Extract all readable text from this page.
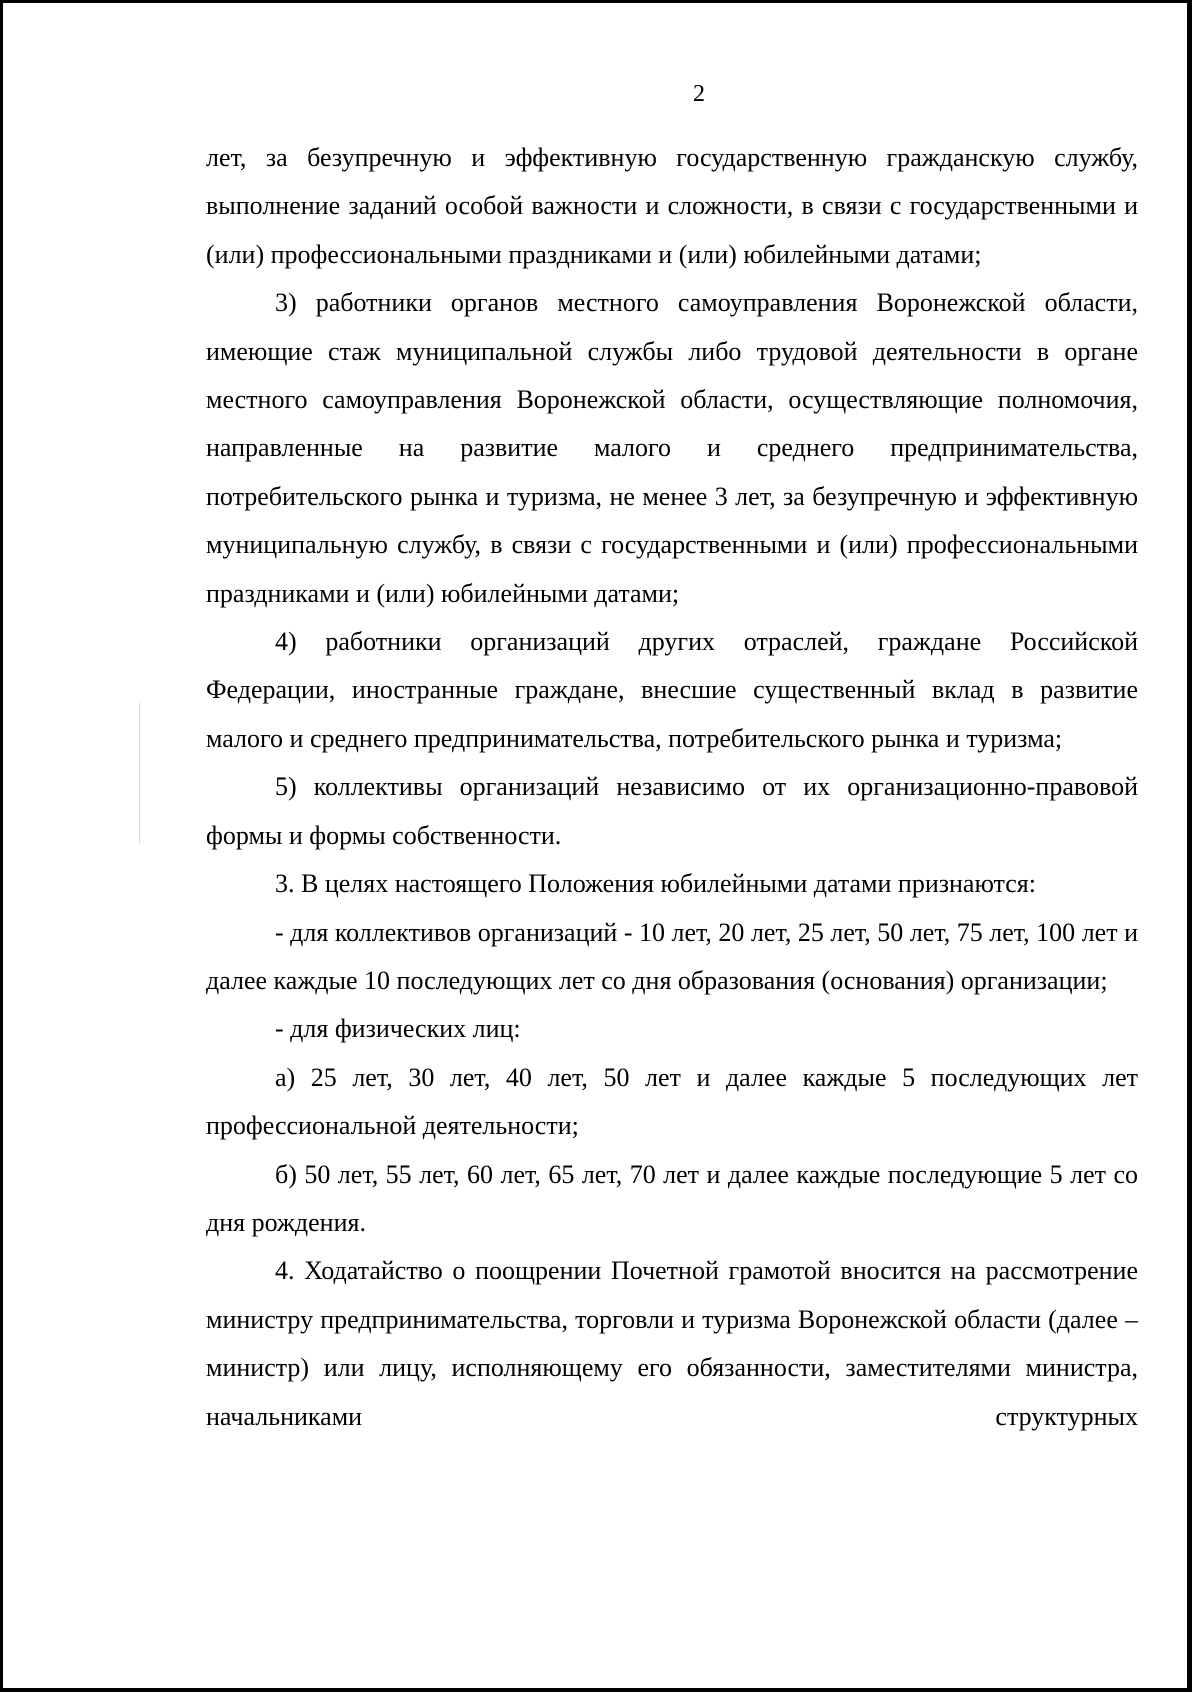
2

лет, за безупречную и эффективную государственную гражданскую службу, выполнение заданий особой важности и сложности, в связи с государственными и (или) профессиональными праздниками и (или) юбилейными датами;

3) работники органов местного самоуправления Воронежской области, имеющие стаж муниципальной службы либо трудовой деятельности в органе местного самоуправления Воронежской области, осуществляющие полномочия, направленные на развитие малого и среднего предпринимательства, потребительского рынка и туризма, не менее 3 лет, за безупречную и эффективную муниципальную службу, в связи с государственными и (или) профессиональными праздниками и (или) юбилейными датами;

4) работники организаций других отраслей, граждане Российской Федерации, иностранные граждане, внесшие существенный вклад в развитие малого и среднего предпринимательства, потребительского рынка и туризма;

5) коллективы организаций независимо от их организационно-правовой формы и формы собственности.

3. В целях настоящего Положения юбилейными датами признаются:

- для коллективов организаций - 10 лет, 20 лет, 25 лет, 50 лет, 75 лет, 100 лет и далее каждые 10 последующих лет со дня образования (основания) организации;

- для физических лиц:

а) 25 лет, 30 лет, 40 лет, 50 лет и далее каждые 5 последующих лет профессиональной деятельности;

б) 50 лет, 55 лет, 60 лет, 65 лет, 70 лет и далее каждые последующие 5 лет со дня рождения.

4. Ходатайство о поощрении Почетной грамотой вносится на рассмотрение министру предпринимательства, торговли и туризма Воронежской области (далее – министр) или лицу, исполняющему его обязанности, заместителями министра, начальниками структурных
